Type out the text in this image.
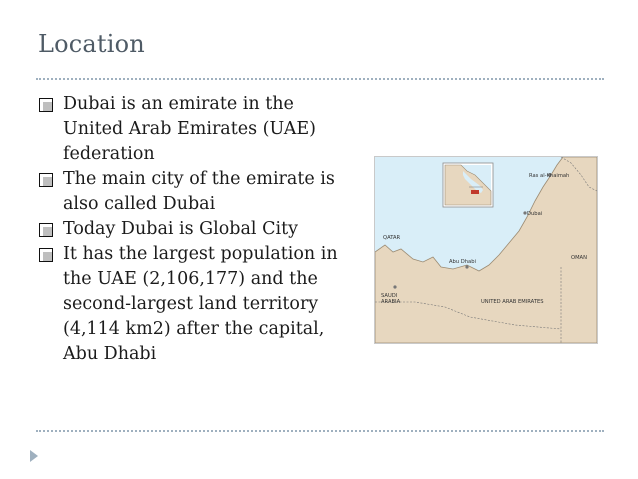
Location
Dubai is an emirate in the United Arab Emirates (UAE) federation
The main city of the emirate is also called Dubai
Today Dubai is Global City
It has the largest population in the UAE (2,106,177) and the second-largest land territory (4,114 km2) after the capital, Abu Dhabi
Ras al-Khaimah
Dubai
QATAR
Abu Dhabi
OMAN
SAUDI ARABIA	UNITED ARAB EMIRATES
